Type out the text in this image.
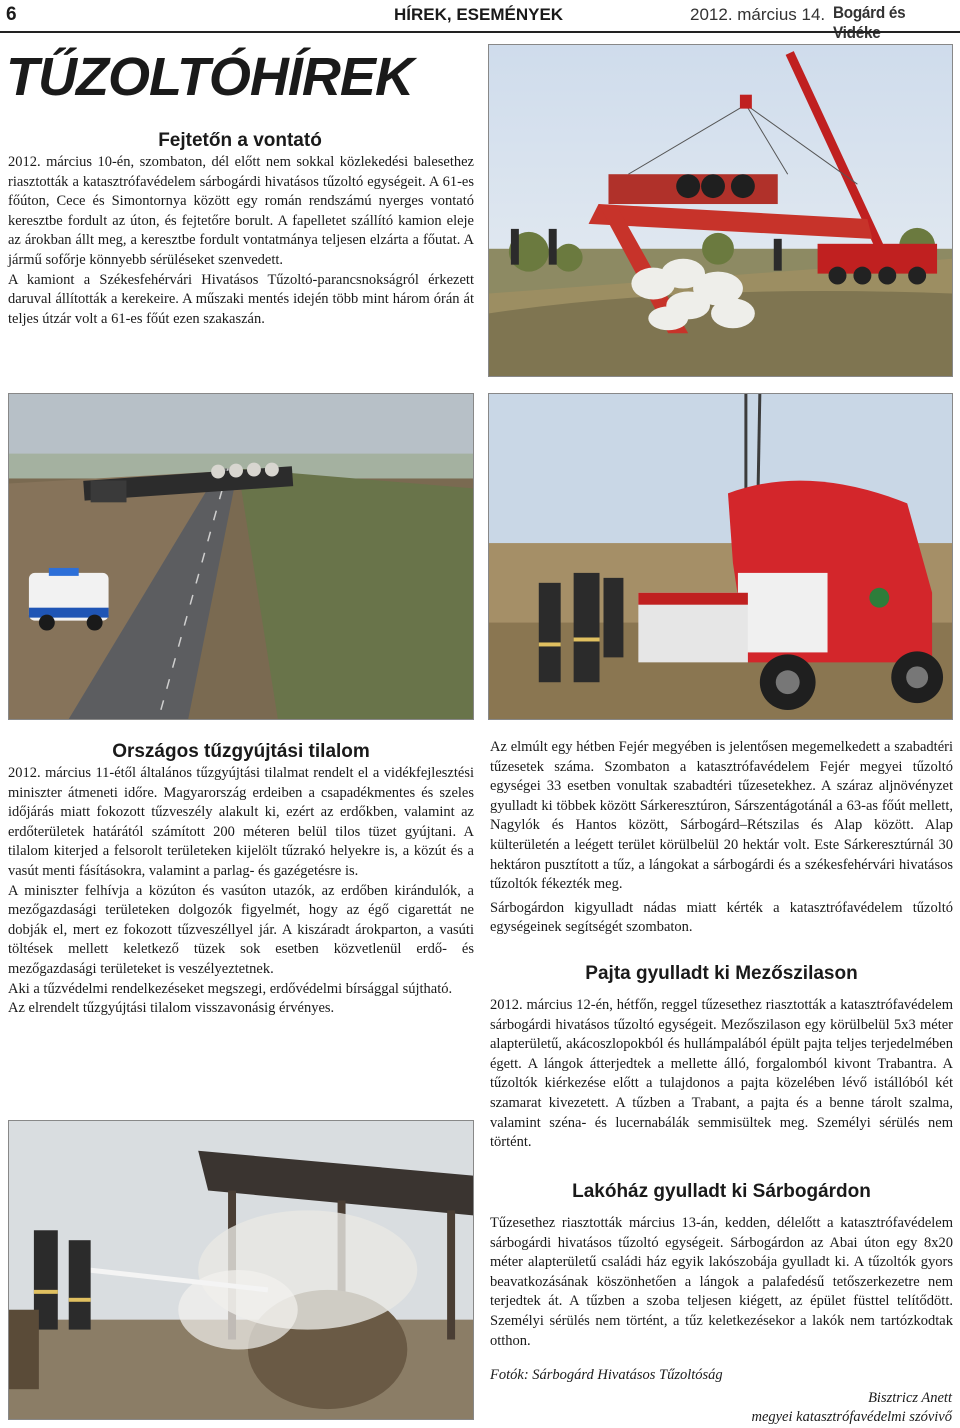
6	HÍREK, ESEMÉNYEK	2012. március 14. Bogárd és
TŰZOLTÓHÍREK
Fejtetőn a vontató

2012. március 10-én, szombaton, dél előtt nem sokkal közlekedési balesethez riasztották a katasztrófavédelem sárbogárdi hivatásos tűzoltó egységeit. A 61-es főúton, Cece és Simontornya között egy román rendszámú nyerges vontató keresztbe fordult az úton, és fejtetőre borult. A fapelletet szállító kamion eleje az árokban állt meg, a keresztbe fordult vontatmánya teljesen elzárta a főutat. A jármű sofőrje könnyebb sérüléseket szenvedett.

A kamiont a Székesfehérvári Hivatásos Tűzoltó-parancsnokságról érkezett daruval állították a kerekeire. A műszaki mentés idején több mint három órán át teljes útzár volt a 61-es főút ezen szakaszán.

Országos tűzgyújtási tilalom

2012. március 11-étől általános tűzgyújtási tilalmat rendelt el a vidékfejlesztési miniszter átmeneti időre. Magyarország erdeiben a csapadékmentes és szeles időjárás miatt fokozott tűzveszély alakult ki, ezért az erdőkben, valamint az erdőterületek határától számított 200 méteren belül tilos tüzet gyújtani. A tilalom kiterjed a felsorolt területeken kijelölt tűzrakó helyekre is, a közút és a vasút menti fásításokra, valamint a parlag- és gazégetésre is.

A miniszter felhívja a közúton és vasúton utazók, az erdőben kirándulók, a mezőgazdasági területeken dolgozók figyelmét, hogy az égő cigarettát ne dobják el, mert ez fokozott tűzveszéllyel jár. A kiszáradt árokparton, a vasúti töltések mellett keletkező tüzek sok esetben közvetlenül erdő- és mezőgazdasági területeket is veszélyeztetnek.

Aki a tűzvédelmi rendelkezéseket megszegi, erdővédelmi bírsággal sújtható.

Az elrendelt tűzgyújtási tilalom visszavonásig érvényes.

Az elmúlt egy hétben Fejér megyében is jelentősen megemelkedett a szabadtéri tűzesetek száma. Szombaton a katasztrófavédelem Fejér megyei tűzoltó egységei 33 esetben vonultak szabadtéri tűzesetekhez. A száraz aljnövényzet gyulladt ki többek között Sárkeresztúron, Sárszentágotánál a 63-as főút mellett, Nagylók és Hantos között, Sárbogárd–Rétszilas és Alap között. Alap külterületén a leégett terület körülbelül 20 hektár volt. Este Sárkeresztúrnál 30 hektáron pusztított a tűz, a lángokat a sárbogárdi és a székesfehérvári hivatásos tűzoltók fékezték meg.

Sárbogárdon kigyulladt nádas miatt kérték a katasztrófavédelem tűzoltó egységeinek segítségét szombaton.

Pajta gyulladt ki Mezőszilason

2012. március 12-én, hétfőn, reggel tűzesethez riasztották a katasztrófavédelem sárbogárdi hivatásos tűzoltó egységeit. Mezőszilason egy körülbelül 5x3 méter alapterületű, akácoszlopokból és hullámpalából épült pajta teljes terjedelmében égett. A lángok átterjedtek a mellette álló, forgalomból kivont Trabantra. A tűzoltók kiérkezése előtt a tulajdonos a pajta közelében lévő istállóból két szamarat kivezetett. A tűzben a Trabant, a pajta és a benne tárolt szalma, valamint széna- és lucernabálák semmisültek meg. Személyi sérülés nem történt.

Lakóház gyulladt ki Sárbogárdon

Tűzesethez riasztották március 13-án, kedden, délelőtt a katasztrófavédelem sárbogárdi hivatásos tűzoltó egységeit. Sárbogárdon az Abai úton egy 8x20 méter alapterületű családi ház egyik lakószobája gyulladt ki. A tűzoltók gyors beavatkozásának köszönhetően a lángok a palafedésű tetőszerkezetre nem terjedtek át. A tűzben a szoba teljesen kiégett, az épület füsttel telítődött. Személyi sérülés nem történt, a tűz keletkezésekor a lakók nem tartózkodtak otthon.

Fotók: Sárbogárd Hivatásos Tűzoltóság
Bisztricz Anett
megyei katasztrófavédelmi szóvivő
